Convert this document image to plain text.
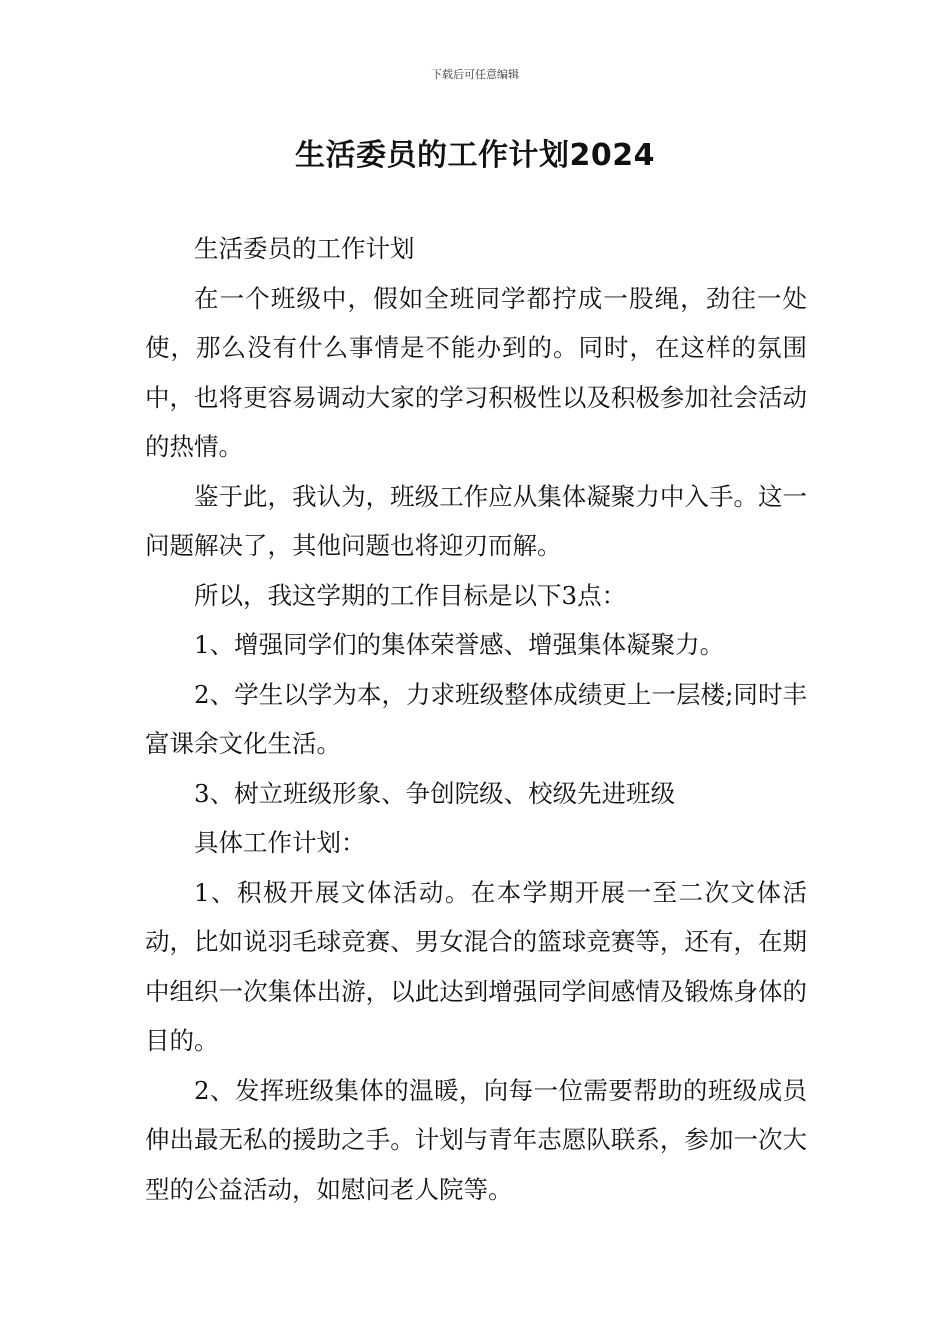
下载后可任意编辑
生活委员的工作计划2024

生活委员的工作计划

在一个班级中，假如全班同学都拧成一股绳，劲往一处使，那么没有什么事情是不能办到的。同时，在这样的氛围中，也将更容易调动大家的学习积极性以及积极参加社会活动的热情。

鉴于此，我认为，班级工作应从集体凝聚力中入手。这一问题解决了，其他问题也将迎刃而解。

所以，我这学期的工作目标是以下3点：

1、增强同学们的集体荣誉感、增强集体凝聚力。

2、学生以学为本，力求班级整体成绩更上一层楼;同时丰富课余文化生活。

3、树立班级形象、争创院级、校级先进班级

具体工作计划：

1、积极开展文体活动。在本学期开展一至二次文体活动，比如说羽毛球竞赛、男女混合的篮球竞赛等，还有，在期中组织一次集体出游，以此达到增强同学间感情及锻炼身体的目的。

2、发挥班级集体的温暖，向每一位需要帮助的班级成员伸出最无私的援助之手。计划与青年志愿队联系，参加一次大型的公益活动，如慰问老人院等。
